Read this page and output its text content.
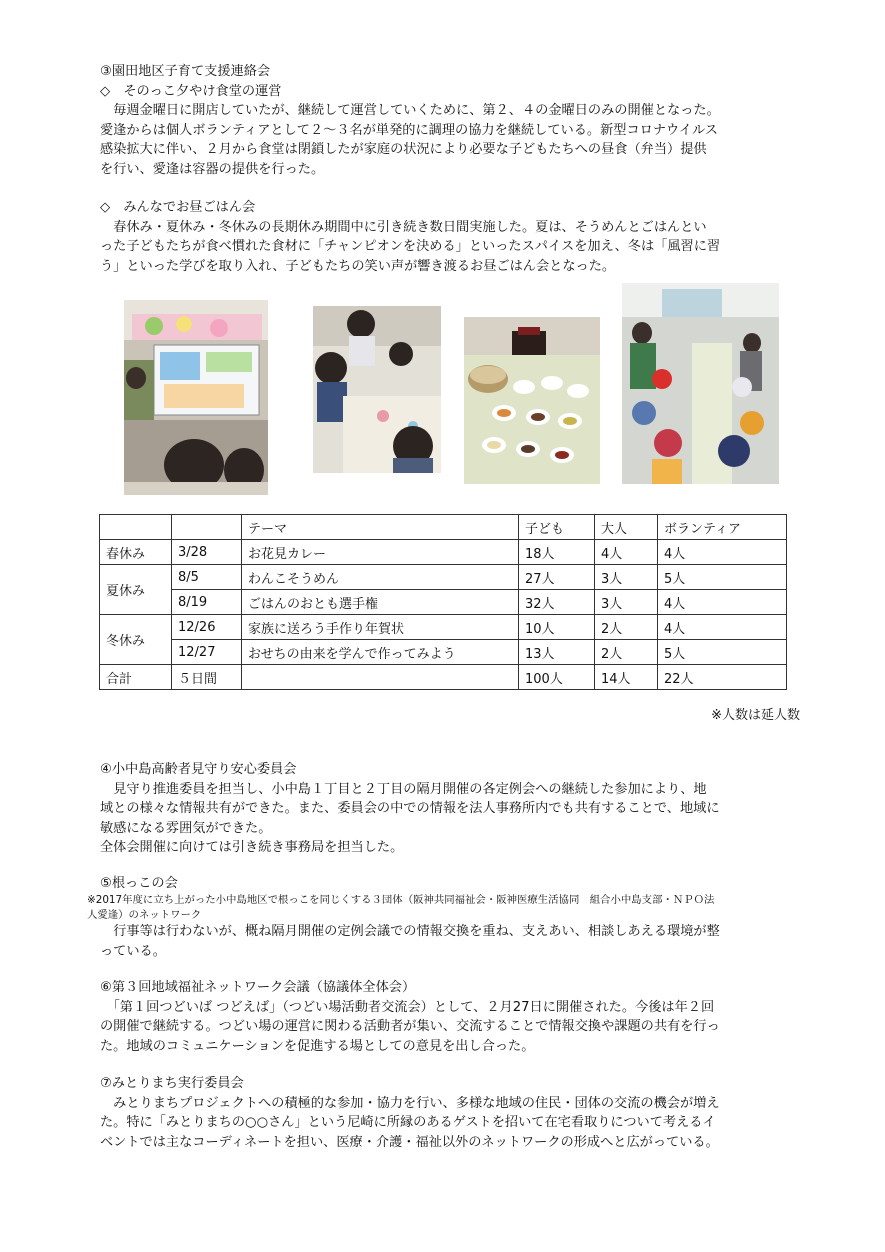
③園田地区子育て支援連絡会
◇　そのっこ夕やけ食堂の運営
　毎週金曜日に開店していたが、継続して運営していくために、第２、４の金曜日のみの開催となった。
愛逢からは個人ボランティアとして２～３名が単発的に調理の協力を継続している。新型コロナウイルス
感染拡大に伴い、２月から食堂は閉鎖したが家庭の状況により必要な子どもたちへの昼食（弁当）提供
を行い、愛逢は容器の提供を行った。
◇　みんなでお昼ごはん会
　春休み・夏休み・冬休みの長期休み期間中に引き続き数日間実施した。夏は、そうめんとごはんとい
った子どもたちが食べ慣れた食材に「チャンピオンを決める」といったスパイスを加え、冬は「風習に習
う」といった学びを取り入れ、子どもたちの笑い声が響き渡るお昼ごはん会となった。
		テーマ	子ども	大人	ボランティア
春休み	3/28	お花見カレー	18人	4人	4人
夏休み	8/5	わんこそうめん	27人	3人	5人
	8/19	ごはんのおとも選手権	32人	3人	4人
冬休み	12/26	家族に送ろう手作り年賀状	10人	2人	4人
	12/27	おせちの由来を学んで作ってみよう	13人	2人	5人
合計	５日間		100人	14人	22人
※人数は延人数
④小中島高齢者見守り安心委員会
　見守り推進委員を担当し、小中島１丁目と２丁目の隔月開催の各定例会への継続した参加により、地
域との様々な情報共有ができた。また、委員会の中での情報を法人事務所内でも共有することで、地域に
敏感になる雰囲気ができた。
全体会開催に向けては引き続き事務局を担当した。
⑤根っこの会
※2017年度に立ち上がった小中島地区で根っこを同じくする３団体（阪神共同福祉会・阪神医療生活協同　組合小中島支部・ＮＰＯ法
人愛逢）のネットワーク
　行事等は行わないが、概ね隔月開催の定例会議での情報交換を重ね、支えあい、相談しあえる環境が整
っている。
⑥第３回地域福祉ネットワーク会議（協議体全体会）
　「第１回つどいば つどえば」（つどい場活動者交流会）として、２月27日に開催された。今後は年２回
の開催で継続する。つどい場の運営に関わる活動者が集い、交流することで情報交換や課題の共有を行っ
た。地域のコミュニケーションを促進する場としての意見を出し合った。
⑦みとりまち実行委員会
　みとりまちプロジェクトへの積極的な参加・協力を行い、多様な地域の住民・団体の交流の機会が増え
た。特に「みとりまちの○○さん」という尼崎に所縁のあるゲストを招いて在宅看取りについて考えるイ
ベントでは主なコーディネートを担い、医療・介護・福祉以外のネットワークの形成へと広がっている。
